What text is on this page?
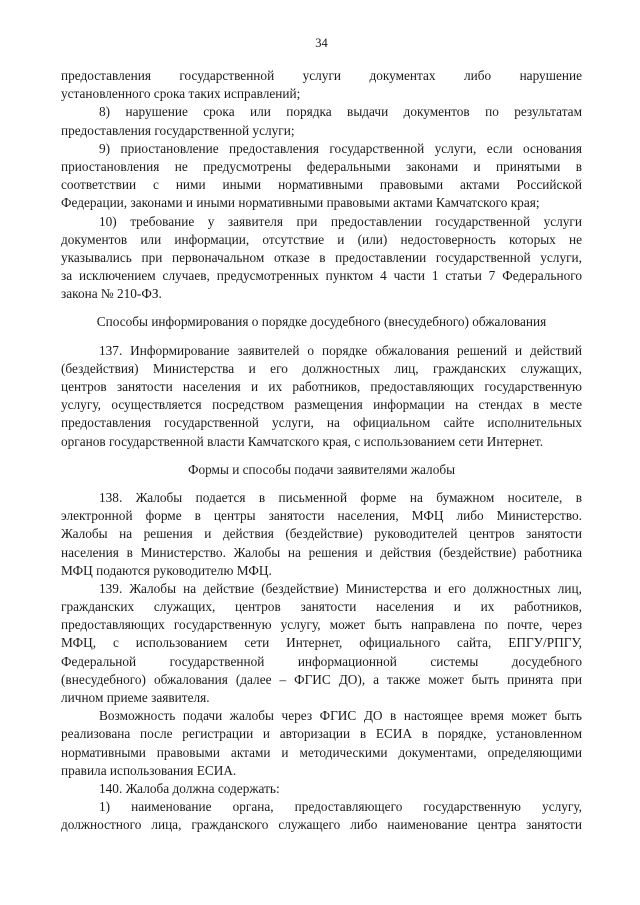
34
предоставления государственной услуги документах либо нарушение
установленного срока таких исправлений;
8) нарушение срока или порядка выдачи документов по результатам
предоставления государственной услуги;
9) приостановление предоставления государственной услуги, если основания
приостановления не предусмотрены федеральными законами и принятыми в
соответствии с ними иными нормативными правовыми актами Российской
Федерации, законами и иными нормативными правовыми актами Камчатского края;
10) требование у заявителя при предоставлении государственной услуги
документов или информации, отсутствие и (или) недостоверность которых не
указывались при первоначальном отказе в предоставлении государственной услуги,
за исключением случаев, предусмотренных пунктом 4 части 1 статьи 7 Федерального
закона № 210-ФЗ.
Способы информирования о порядке досудебного (внесудебного) обжалования
137. Информирование заявителей о порядке обжалования решений и действий
(бездействия) Министерства и его должностных лиц, гражданских служащих,
центров занятости населения и их работников, предоставляющих государственную
услугу, осуществляется посредством размещения информации на стендах в месте
предоставления государственной услуги, на официальном сайте исполнительных
органов государственной власти Камчатского края, с использованием сети Интернет.
Формы и способы подачи заявителями жалобы
138. Жалобы подается в письменной форме на бумажном носителе, в
электронной форме в центры занятости населения, МФЦ либо Министерство.
Жалобы на решения и действия (бездействие) руководителей центров занятости
населения в Министерство. Жалобы на решения и действия (бездействие) работника
МФЦ подаются руководителю МФЦ.
139. Жалобы на действие (бездействие) Министерства и его должностных лиц,
гражданских служащих, центров занятости населения и их работников,
предоставляющих государственную услугу, может быть направлена по почте, через
МФЦ, с использованием сети Интернет, официального сайта, ЕПГУ/РПГУ,
Федеральной государственной информационной системы досудебного
(внесудебного) обжалования (далее – ФГИС ДО), а также может быть принята при
личном приеме заявителя.
Возможность подачи жалобы через ФГИС ДО в настоящее время может быть
реализована после регистрации и авторизации в ЕСИА в порядке, установленном
нормативными правовыми актами и методическими документами, определяющими
правила использования ЕСИА.
140. Жалоба должна содержать:
1) наименование органа, предоставляющего государственную услугу,
должностного лица, гражданского служащего либо наименование центра занятости
